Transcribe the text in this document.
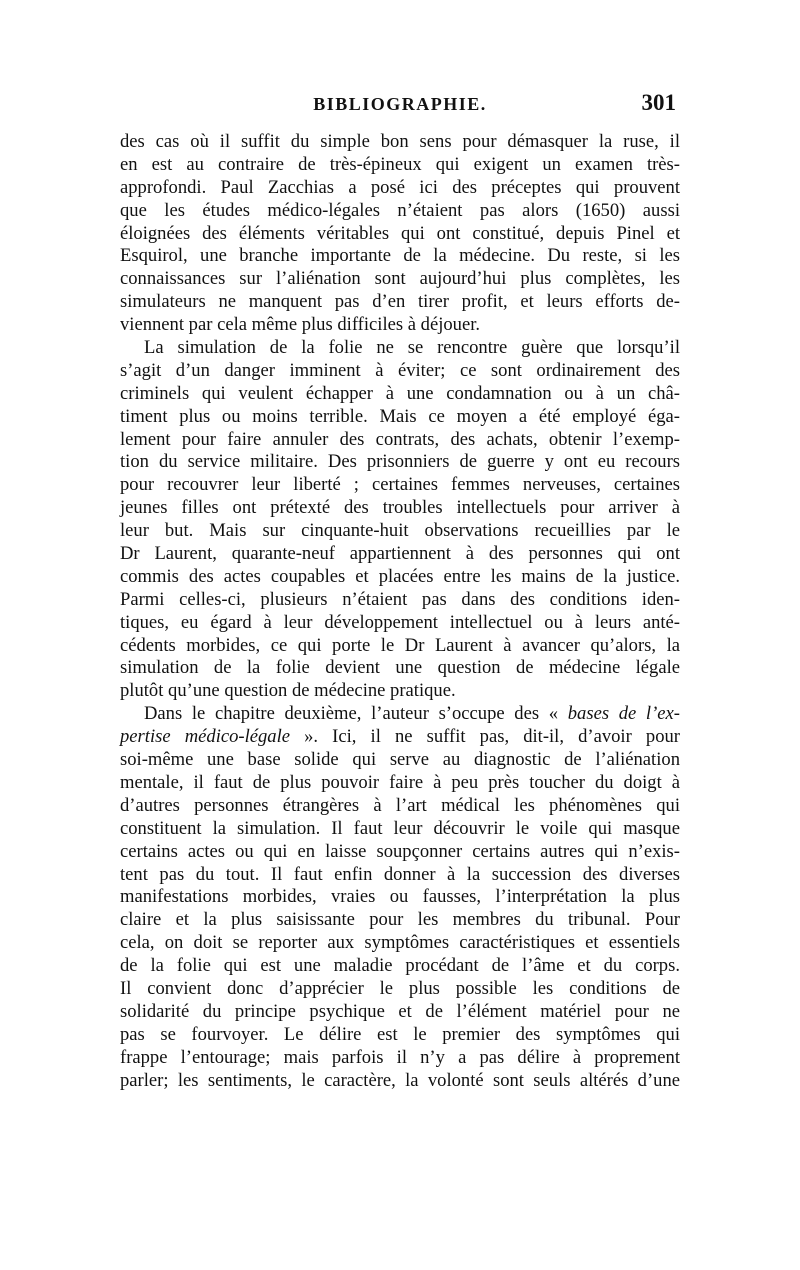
BIBLIOGRAPHIE.	301
des cas où il suffit du simple bon sens pour démasquer la ruse, il
en est au contraire de très-épineux qui exigent un examen très-
approfondi. Paul Zacchias a posé ici des préceptes qui prouvent
que les études médico-légales n’étaient pas alors (1650) aussi
éloignées des éléments véritables qui ont constitué, depuis Pinel et
Esquirol, une branche importante de la médecine. Du reste, si les
connaissances sur l’aliénation sont aujourd’hui plus complètes, les
simulateurs ne manquent pas d’en tirer profit, et leurs efforts de-
viennent par cela même plus difficiles à déjouer.
La simulation de la folie ne se rencontre guère que lorsqu’il
s’agit d’un danger imminent à éviter; ce sont ordinairement des
criminels qui veulent échapper à une condamnation ou à un châ-
timent plus ou moins terrible. Mais ce moyen a été employé éga-
lement pour faire annuler des contrats, des achats, obtenir l’exemp-
tion du service militaire. Des prisonniers de guerre y ont eu recours
pour recouvrer leur liberté ; certaines femmes nerveuses, certaines
jeunes filles ont prétexté des troubles intellectuels pour arriver à
leur but. Mais sur cinquante-huit observations recueillies par le
Dr Laurent, quarante-neuf appartiennent à des personnes qui ont
commis des actes coupables et placées entre les mains de la justice.
Parmi celles-ci, plusieurs n’étaient pas dans des conditions iden-
tiques, eu égard à leur développement intellectuel ou à leurs anté-
cédents morbides, ce qui porte le Dr Laurent à avancer qu’alors, la
simulation de la folie devient une question de médecine légale
plutôt qu’une question de médecine pratique.
Dans le chapitre deuxième, l’auteur s’occupe des « bases de l’ex-
pertise médico-légale ». Ici, il ne suffit pas, dit-il, d’avoir pour
soi-même une base solide qui serve au diagnostic de l’aliénation
mentale, il faut de plus pouvoir faire à peu près toucher du doigt à
d’autres personnes étrangères à l’art médical les phénomènes qui
constituent la simulation. Il faut leur découvrir le voile qui masque
certains actes ou qui en laisse soupçonner certains autres qui n’exis-
tent pas du tout. Il faut enfin donner à la succession des diverses
manifestations morbides, vraies ou fausses, l’interprétation la plus
claire et la plus saisissante pour les membres du tribunal. Pour
cela, on doit se reporter aux symptômes caractéristiques et essentiels
de la folie qui est une maladie procédant de l’âme et du corps.
Il convient donc d’apprécier le plus possible les conditions de
solidarité du principe psychique et de l’élément matériel pour ne
pas se fourvoyer. Le délire est le premier des symptômes qui
frappe l’entourage; mais parfois il n’y a pas délire à proprement
parler; les sentiments, le caractère, la volonté sont seuls altérés d’une
